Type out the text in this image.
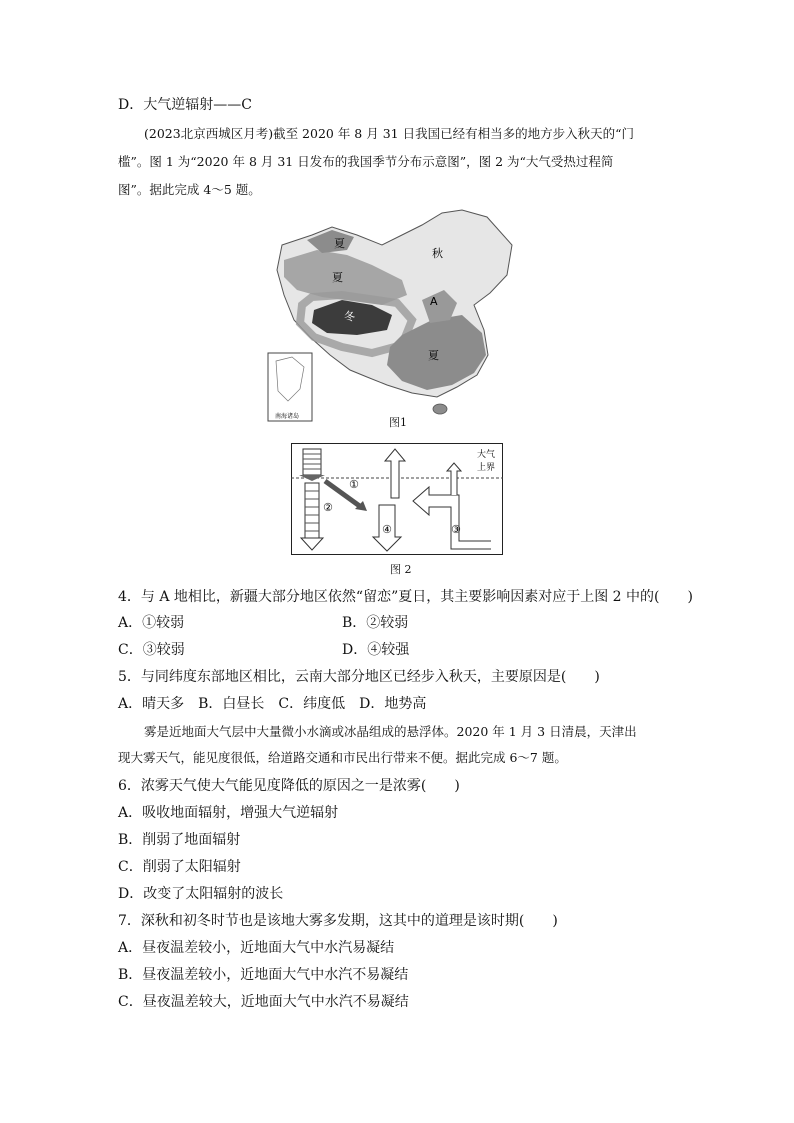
D．大气逆辐射——C
(2023北京西城区月考)截至 2020 年 8 月 31 日我国已经有相当多的地方步入秋天的“门
槛”。图 1 为“2020 年 8 月 31 日发布的我国季节分布示意图”，图 2 为“大气受热过程简
图”。据此完成 4～5 题。
夏
夏
冬
秋
A
夏
南海诸岛	图1
大气
上界
①
②
③
④
图 2
4．与 A 地相比，新疆大部分地区依然“留恋”夏日，其主要影响因素对应于上图 2 中的(　　)
A．①较弱	B．②较弱
C．③较弱	D．④较强
5．与同纬度东部地区相比，云南大部分地区已经步入秋天，主要原因是(　　)
A．晴天多　B．白昼长　C．纬度低　D．地势高
雾是近地面大气层中大量微小水滴或冰晶组成的悬浮体。2020 年 1 月 3 日清晨，天津出
现大雾天气，能见度很低，给道路交通和市民出行带来不便。据此完成 6～7 题。
6．浓雾天气使大气能见度降低的原因之一是浓雾(　　)
A．吸收地面辐射，增强大气逆辐射
B．削弱了地面辐射
C．削弱了太阳辐射
D．改变了太阳辐射的波长
7．深秋和初冬时节也是该地大雾多发期，这其中的道理是该时期(　　)
A．昼夜温差较小，近地面大气中水汽易凝结
B．昼夜温差较小，近地面大气中水汽不易凝结
C．昼夜温差较大，近地面大气中水汽不易凝结
